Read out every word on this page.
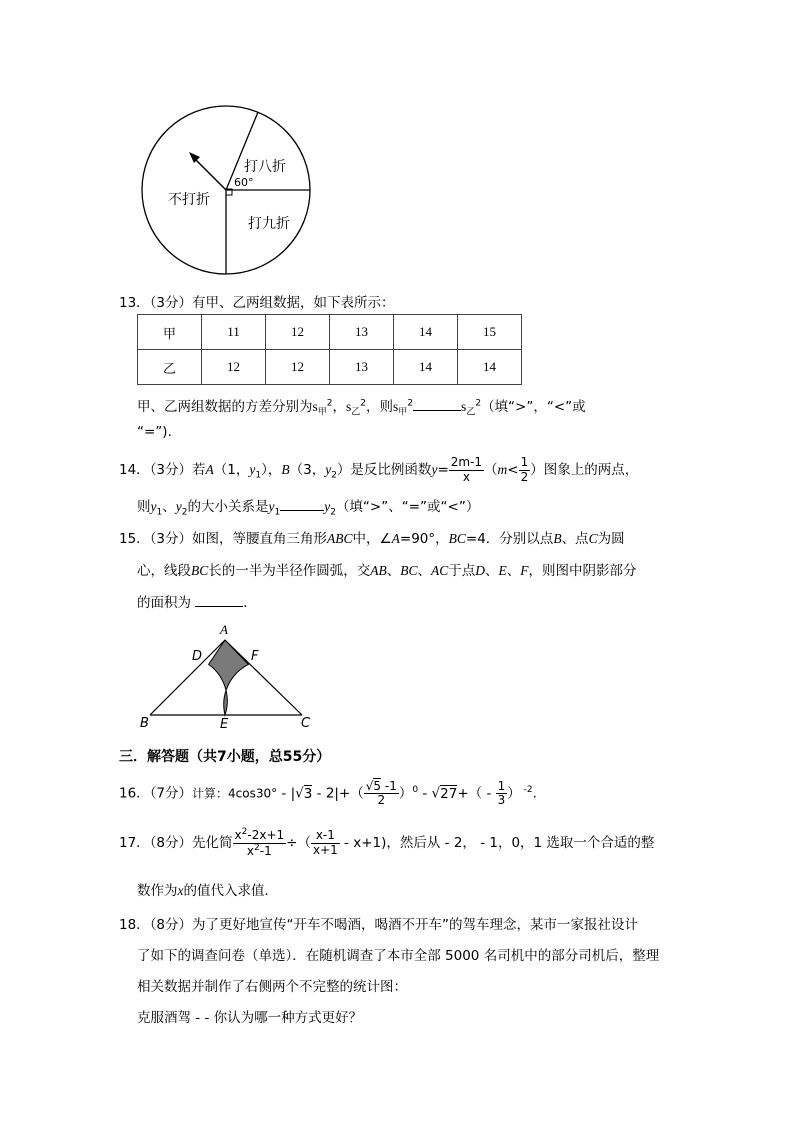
不打折
打八折
打九折
60°
13．（3分）有甲、乙两组数据，如下表所示：
甲	11	12	13	14	15
乙	12	12	13	14	14
甲、乙两组数据的方差分别为$s_甲^2$，$s_乙^2$，则$s_甲^2$	$s_乙^2$（填“>”，“<”或
“=”).
14．（3分）若A（1，$y_1$），B（3，$y_2$）是反比例函数$y= \frac{2m-1}{x} (m< \frac{1}{2}$ ）图象上的两点，
则$y_1$、$y_2$的大小关系是$y_1$	$y_2$（填“>”、“=”或“<”）
15．（3分）如图，等腰直角三角形ABC中，∠A=90°，BC=4．分别以点B、点C为圆
心，线段BC长的一半为半径作圆弧，交AB、BC、AC于点D、E、F，则图中阴影部分
的面积为	．
A
B	C
D
E
F
三．解答题（共7小题，总55分）
16．（7分）计算：$4\cos 30^\circ - |√3 - 2|+( \frac{√5 -1}{2} )^0 - √27+( - \frac{1}{3}$ ） $^{-2}$.
17．（8分）先化简 $\frac{x^2-2x+1}{x^2-1}$ ÷（ $\frac{x-1}{x+1} - x+1$)，然后从 - 2， - 1，0，1 选取一个合适的整
数作为x的值代入求值．
18．（8分）为了更好地宣传“开车不喝酒，喝酒不开车”的驾车理念，某市一家报社设计
了如下的调查问卷（单选）．在随机调查了本市全部 5000 名司机中的部分司机后，整理
相关数据并制作了右侧两个不完整的统计图：
克服酒驾 - - 你认为哪一种方式更好？
